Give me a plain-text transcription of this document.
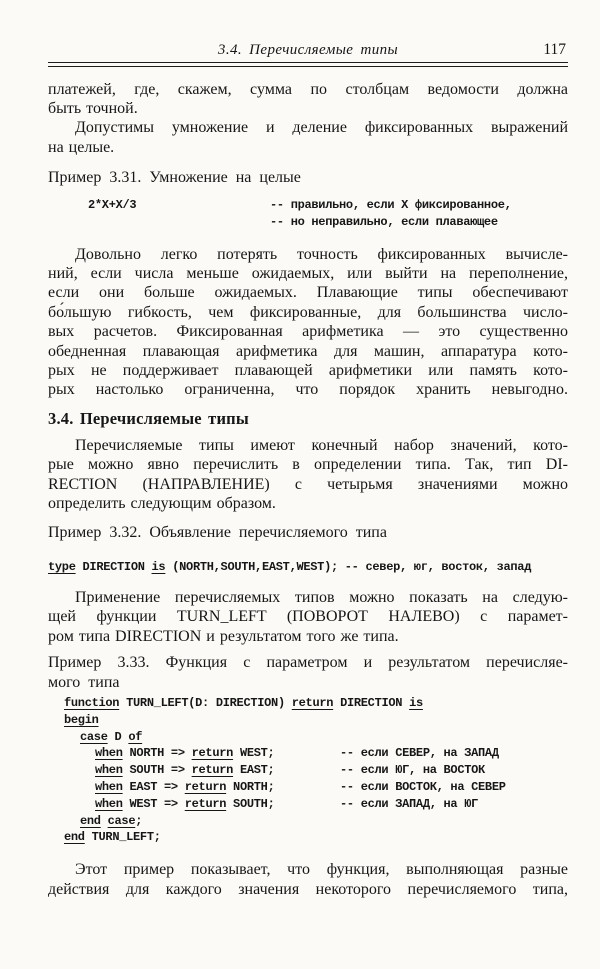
3.4. Перечисляемые типы	117

платежей, где, скажем, сумма по столбцам ведомости должна
быть точной.

Допустимы умножение и деление фиксированных выражений
на целые.

Пример 3.31. Умножение на целые
2*X+X/3	-- правильно, если X фиксированное,
-- но неправильно, если плавающее

Довольно легко потерять точность фиксированных вычисле-
ний, если числа меньше ожидаемых, или выйти на переполнение,
если они больше ожидаемых. Плавающие типы обеспечивают
бо́льшую гибкость, чем фиксированные, для большинства число-
вых расчетов. Фиксированная арифметика — это существенно
обедненная плавающая арифметика для машин, аппаратура кото-
рых не поддерживает плавающей арифметики или память кото-
рых настолько ограниченна, что порядок хранить невыгодно.

3.4. Перечисляемые типы

Перечисляемые типы имеют конечный набор значений, кото-
рые можно явно перечислить в определении типа. Так, тип DI-
RECTION (НАПРАВЛЕНИЕ) с четырьмя значениями можно
определить следующим образом.

Пример 3.32. Объявление перечисляемого типа
type DIRECTION is (NORTH,SOUTH,EAST,WEST); -- север, юг, восток, запад

Применение перечисляемых типов можно показать на следую-
щей функции TURN_LEFT (ПОВОРОТ НАЛЕВО) с парамет-
ром типа DIRECTION и результатом того же типа.

Пример 3.33. Функция с параметром и результатом перечисляе-
мого типа

function TURN_LEFT(D: DIRECTION) return DIRECTION is
begin
case D of
when NORTH => return WEST;	-- если СЕВЕР, на ЗАПАД
when SOUTH => return EAST;	-- если ЮГ, на ВОСТОК
when EAST => return NORTH;	-- если ВОСТОК, на СЕВЕР
when WEST => return SOUTH;	-- если ЗАПАД, на ЮГ
end case;
end TURN_LEFT;

Этот пример показывает, что функция, выполняющая разные
действия для каждого значения некоторого перечисляемого типа,
